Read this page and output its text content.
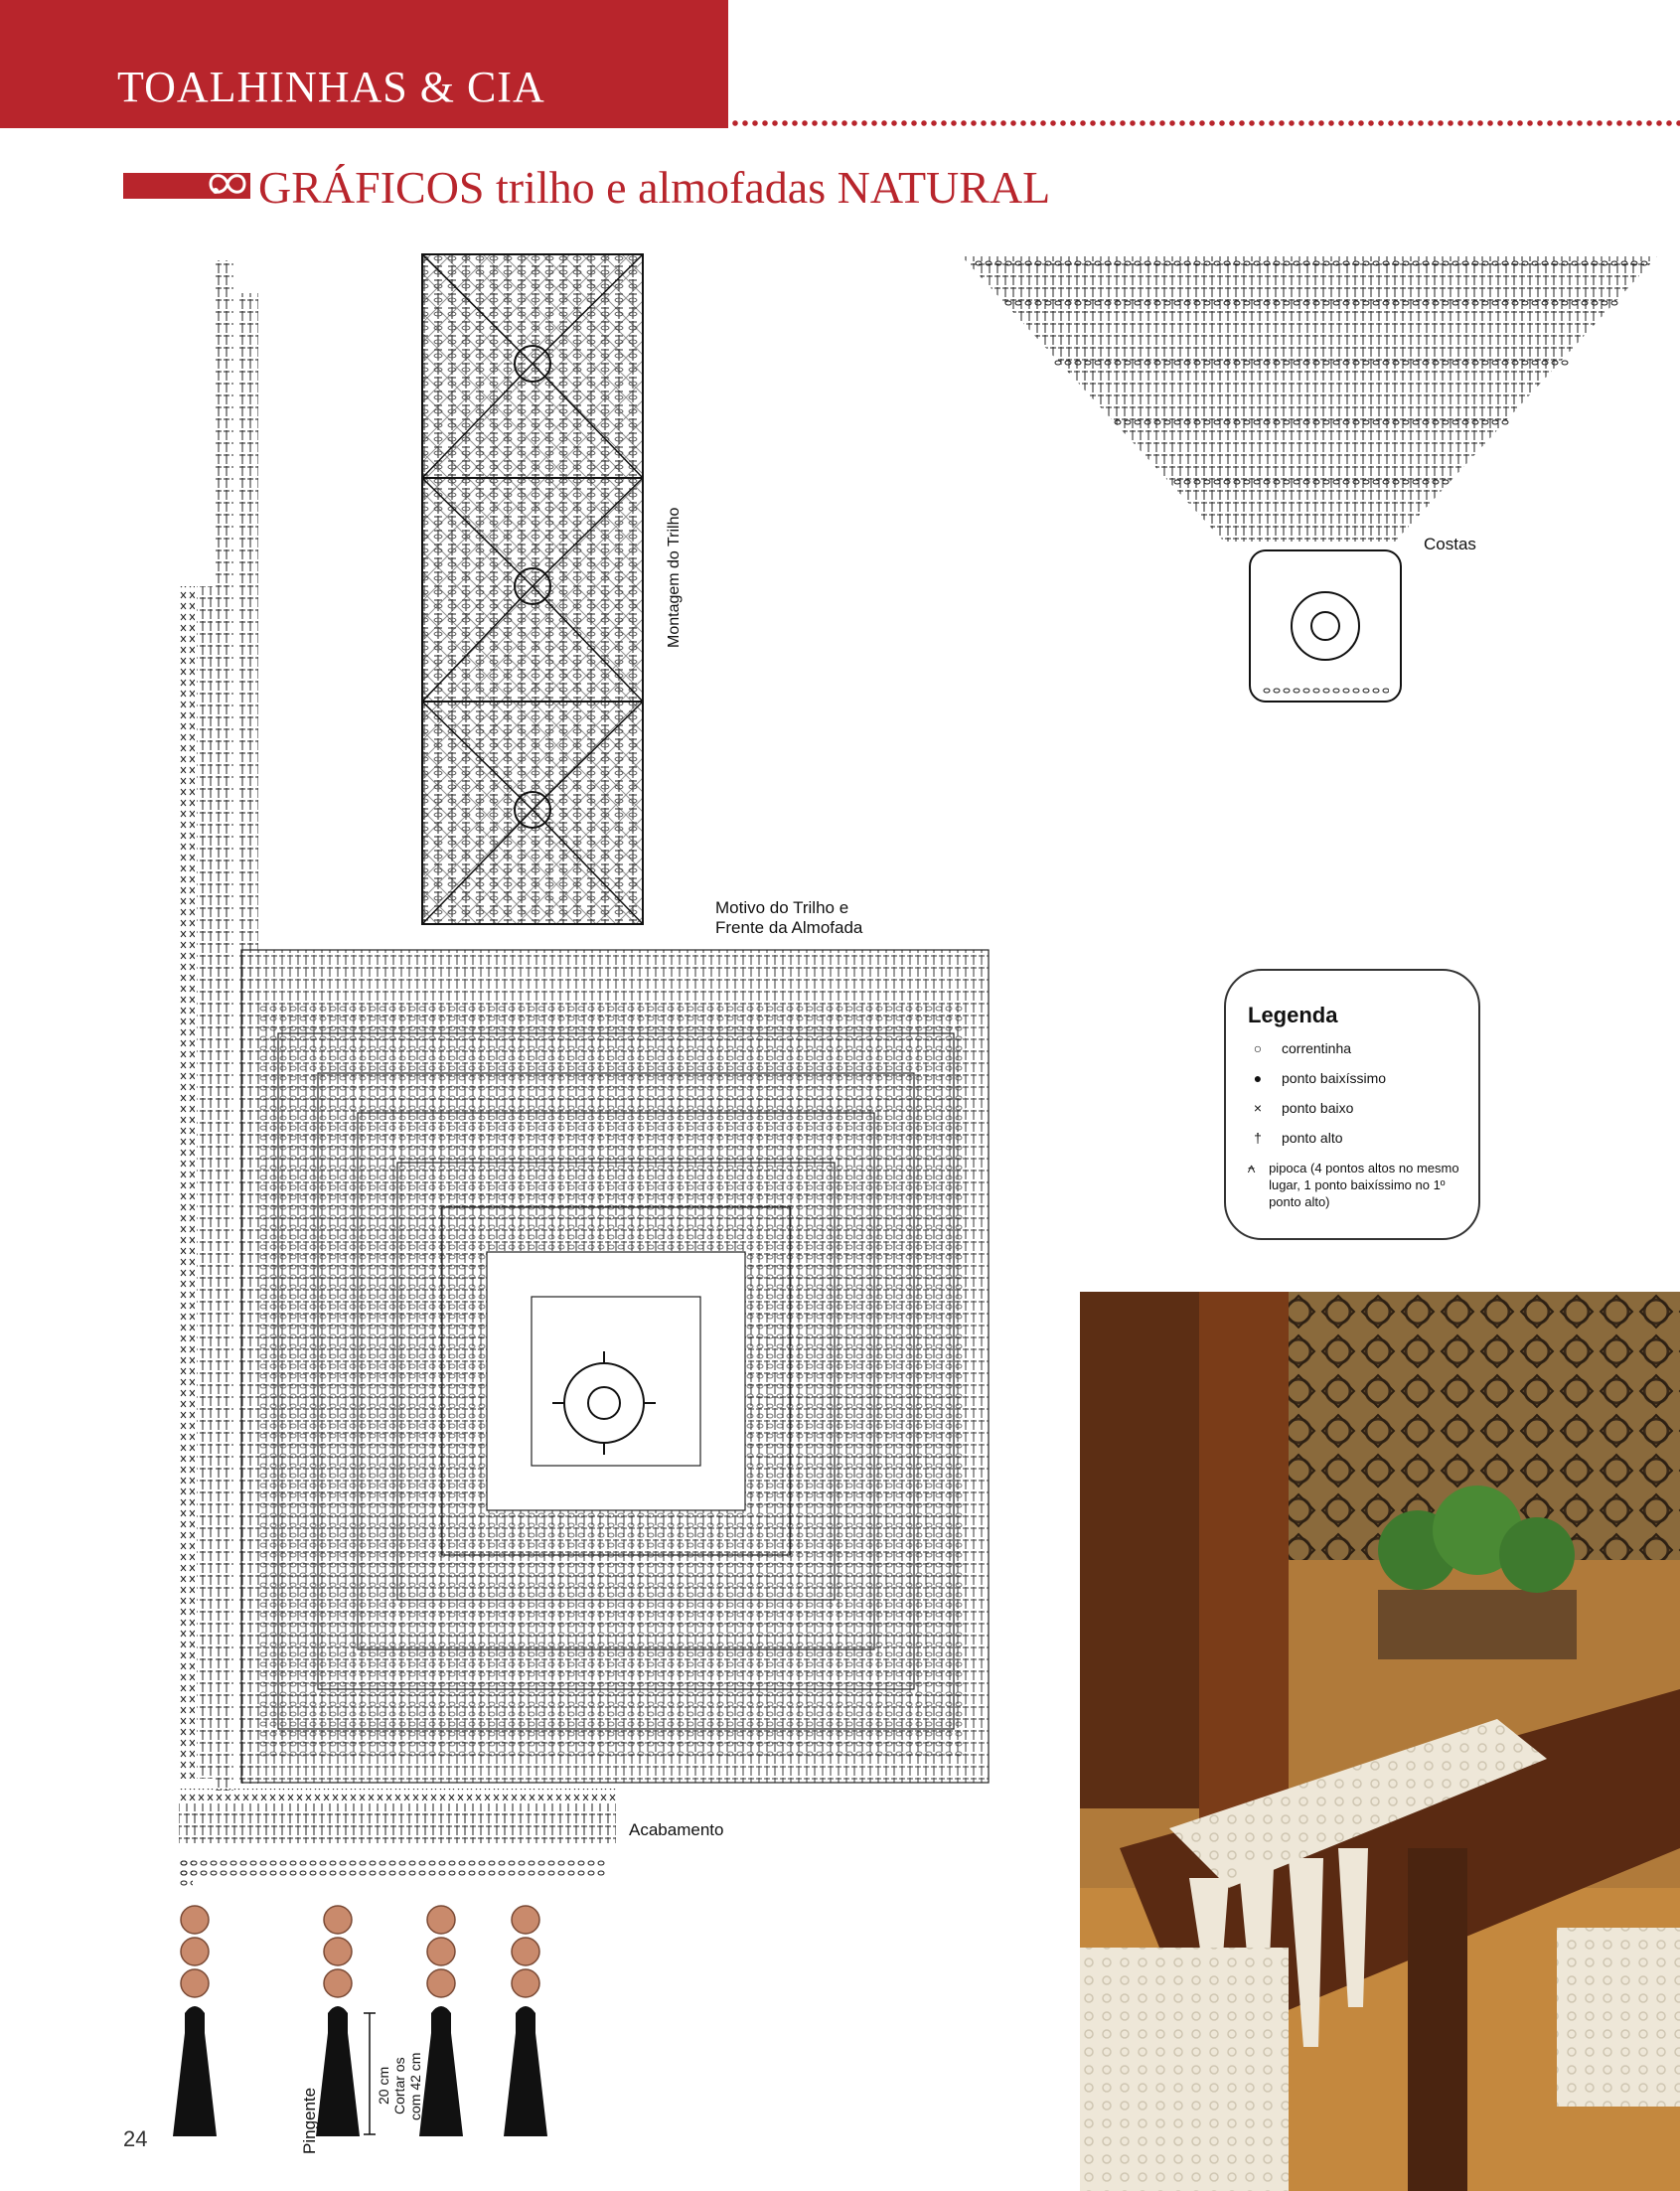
TOALHINHAS & CIA
GRÁFICOS trilho e almofadas NATURAL
Montagem do Trilho
Motivo do Trilho e
Frente da Almofada
Costas
Acabamento
Pingente
20 cm Cortar os com 42 cm
Legenda
○	correntinha
●	ponto baixíssimo
×	ponto baixo
†	ponto alto
⍲ pipoca (4 pontos altos no mesmo lugar, 1 ponto baixíssimo no 1º ponto alto)
24
